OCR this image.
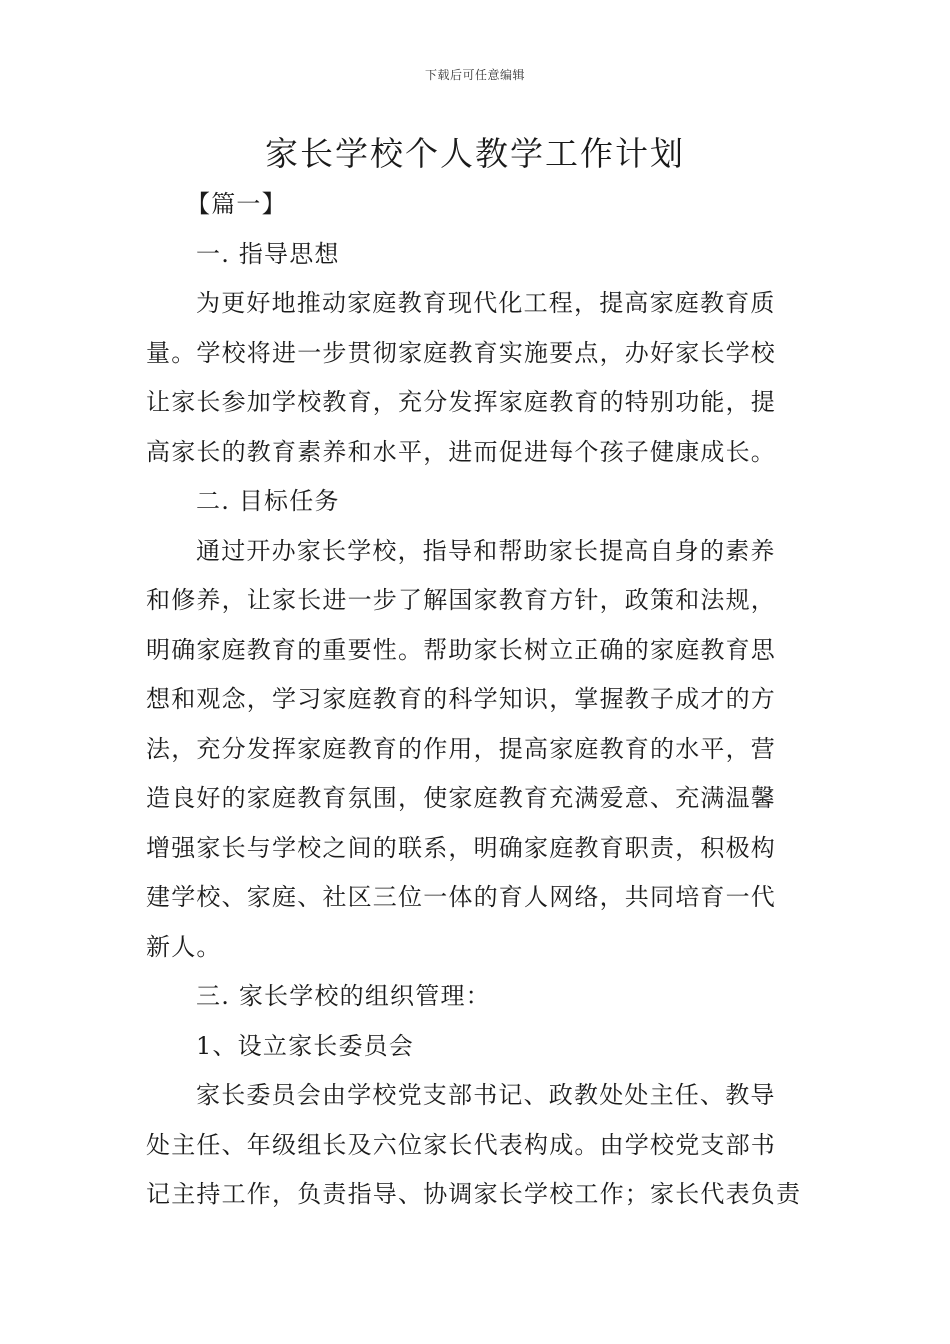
下载后可任意编辑
家长学校个人教学工作计划
【篇一】
一. 指导思想
为更好地推动家庭教育现代化工程，提高家庭教育质
量。学校将进一步贯彻家庭教育实施要点，办好家长学校
让家长参加学校教育，充分发挥家庭教育的特别功能，提
高家长的教育素养和水平，进而促进每个孩子健康成长。
二. 目标任务
通过开办家长学校，指导和帮助家长提高自身的素养
和修养，让家长进一步了解国家教育方针，政策和法规，
明确家庭教育的重要性。帮助家长树立正确的家庭教育思
想和观念，学习家庭教育的科学知识，掌握教子成才的方
法，充分发挥家庭教育的作用，提高家庭教育的水平，营
造良好的家庭教育氛围，使家庭教育充满爱意、充满温馨
增强家长与学校之间的联系，明确家庭教育职责，积极构
建学校、家庭、社区三位一体的育人网络，共同培育一代
新人。
三. 家长学校的组织管理：
1、设立家长委员会
家长委员会由学校党支部书记、政教处处主任、教导
处主任、年级组长及六位家长代表构成。由学校党支部书
记主持工作，负责指导、协调家长学校工作；家长代表负责
